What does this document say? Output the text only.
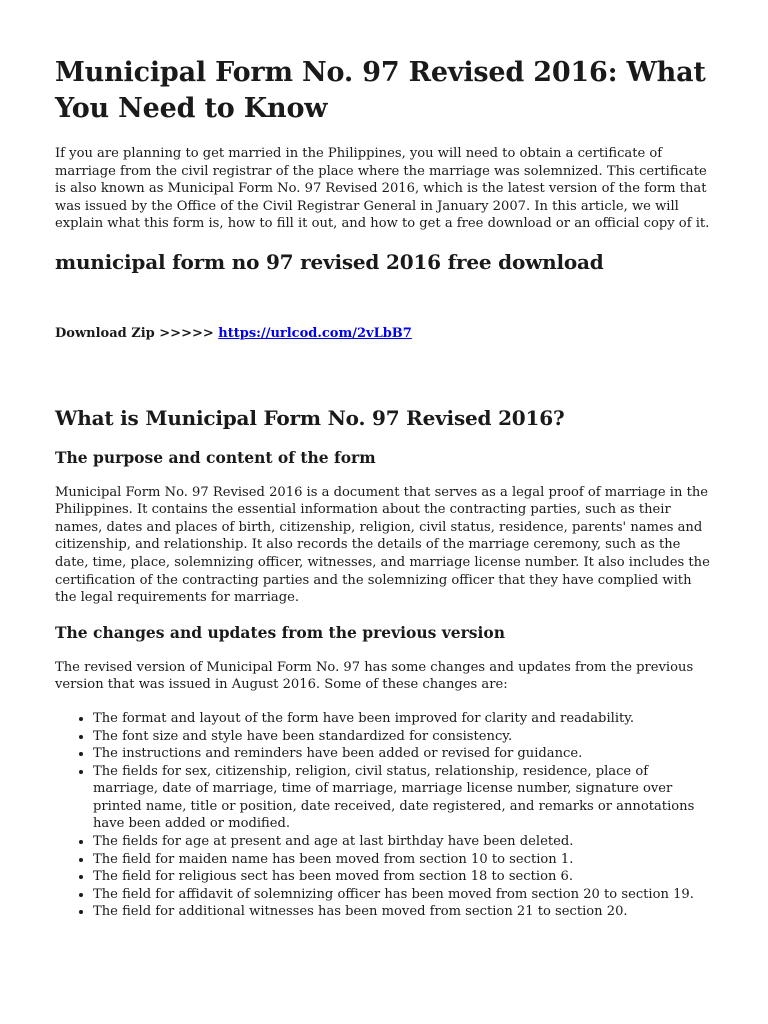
Municipal Form No. 97 Revised 2016: What You Need to Know

If you are planning to get married in the Philippines, you will need to obtain a certificate of marriage from the civil registrar of the place where the marriage was solemnized. This certificate is also known as Municipal Form No. 97 Revised 2016, which is the latest version of the form that was issued by the Office of the Civil Registrar General in January 2007. In this article, we will explain what this form is, how to fill it out, and how to get a free download or an official copy of it.

municipal form no 97 revised 2016 free download

Download Zip >>>>> https://urlcod.com/2vLbB7

What is Municipal Form No. 97 Revised 2016?
The purpose and content of the form

Municipal Form No. 97 Revised 2016 is a document that serves as a legal proof of marriage in the Philippines. It contains the essential information about the contracting parties, such as their names, dates and places of birth, citizenship, religion, civil status, residence, parents' names and citizenship, and relationship. It also records the details of the marriage ceremony, such as the date, time, place, solemnizing officer, witnesses, and marriage license number. It also includes the certification of the contracting parties and the solemnizing officer that they have complied with the legal requirements for marriage.

The changes and updates from the previous version

The revised version of Municipal Form No. 97 has some changes and updates from the previous version that was issued in August 2016. Some of these changes are:

• The format and layout of the form have been improved for clarity and readability.
• The font size and style have been standardized for consistency.
• The instructions and reminders have been added or revised for guidance.
• The fields for sex, citizenship, religion, civil status, relationship, residence, place of marriage, date of marriage, time of marriage, marriage license number, signature over printed name, title or position, date received, date registered, and remarks or annotations have been added or modified.
• The fields for age at present and age at last birthday have been deleted.
• The field for maiden name has been moved from section 10 to section 1.
• The field for religious sect has been moved from section 18 to section 6.
• The field for affidavit of solemnizing officer has been moved from section 20 to section 19.
• The field for additional witnesses has been moved from section 21 to section 20.
